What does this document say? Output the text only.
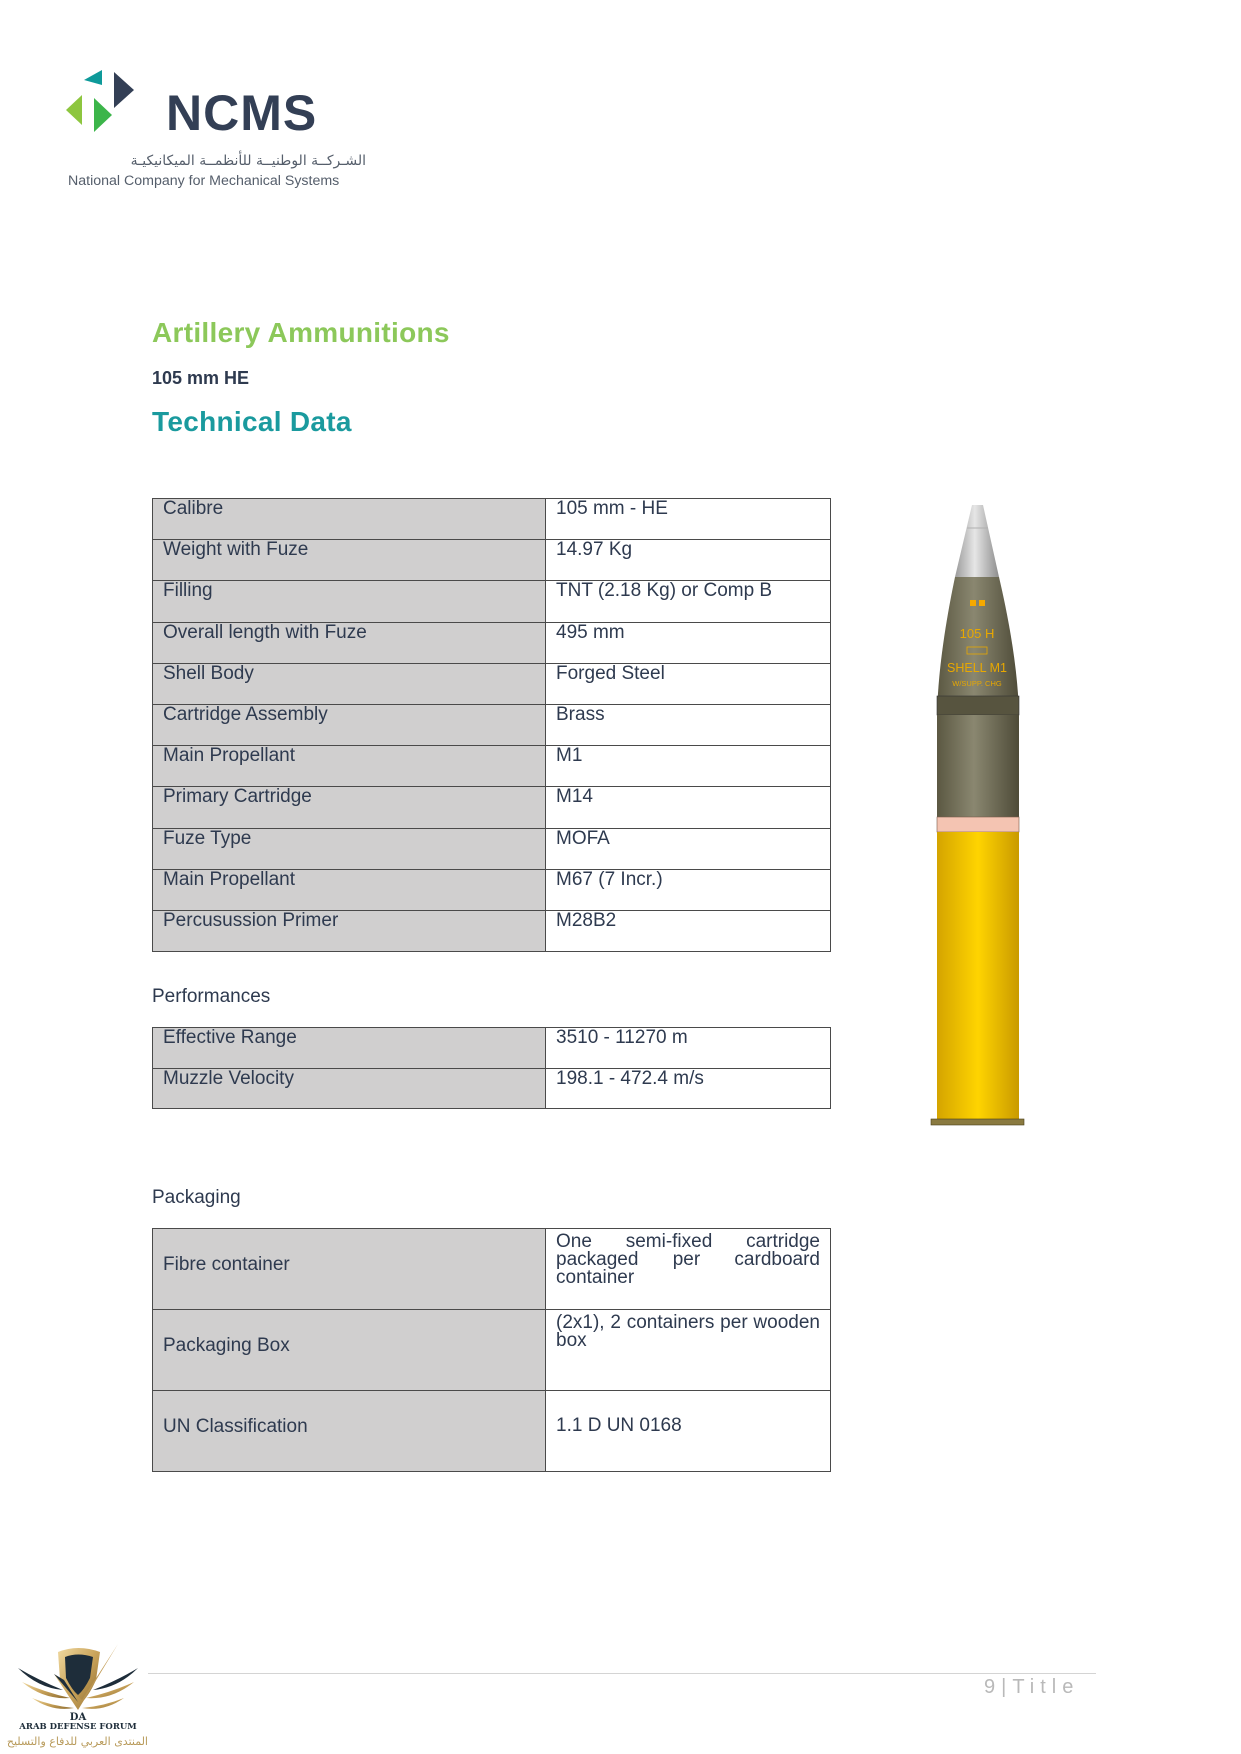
NCMS
الشـركــة الوطنيــة للأنظمــة الميكانيكيـة
National Company for Mechanical Systems
Artillery Ammunitions
105 mm HE
Technical Data
Calibre	105 mm - HE
Weight with Fuze	14.97 Kg
Filling	TNT (2.18 Kg) or Comp B
Overall length with Fuze	495 mm
Shell Body	Forged Steel
Cartridge Assembly	Brass
Main Propellant	M1
Primary Cartridge	M14
Fuze Type	MOFA
Main Propellant	M67 (7 Incr.)
Percusussion Primer	M28B2
Performances
Effective Range	3510 - 11270 m
Muzzle Velocity	198.1 - 472.4 m/s
Packaging
Fibre container	One semi-fixed cartridge packaged per cardboard container
Packaging Box	(2x1), 2 containers per wooden box
UN Classification	1.1 D UN 0168
105 H
SHELL M1
W/SUPP. CHG
9|Title
DA
ARAB DEFENSE FORUM
المنتدى العربي للدفاع والتسليح
